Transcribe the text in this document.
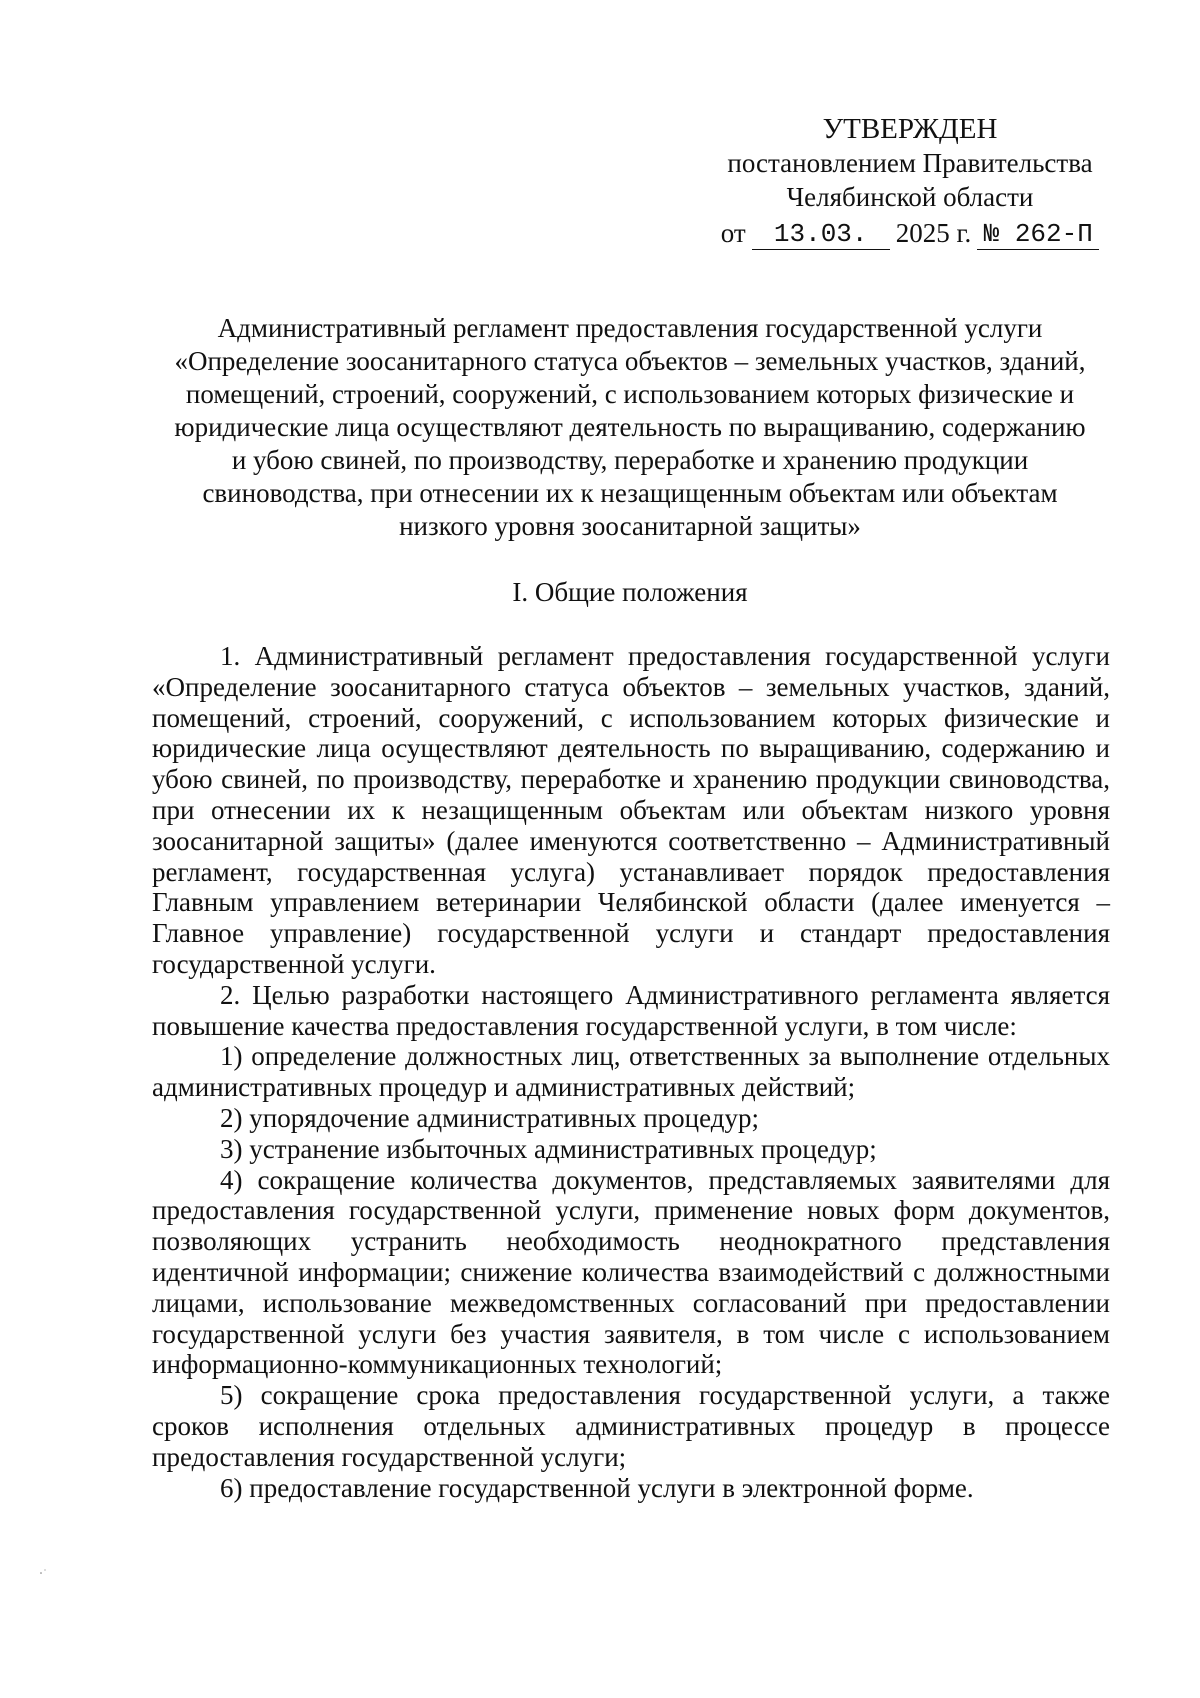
УТВЕРЖДЕН
постановлением Правительства
Челябинской области
от	13.03.	2025 г. № 262-П
Административный регламент предоставления государственной услуги
«Определение зоосанитарного статуса объектов – земельных участков, зданий,
помещений, строений, сооружений, с использованием которых физические и
юридические лица осуществляют деятельность по выращиванию, содержанию
и убою свиней, по производству, переработке и хранению продукции
свиноводства, при отнесении их к незащищенным объектам или объектам
низкого уровня зоосанитарной защиты»
I. Общие положения

1. Административный регламент предоставления государственной услуги «Определение зоосанитарного статуса объектов – земельных участков, зданий, помещений, строений, сооружений, с использованием которых физические и юридические лица осуществляют деятельность по выращиванию, содержанию и убою свиней, по производству, переработке и хранению продукции свиноводства, при отнесении их к незащищенным объектам или объектам низкого уровня зоосанитарной защиты» (далее именуются соответственно – Административный регламент, государственная услуга) устанавливает порядок предоставления Главным управлением ветеринарии Челябинской области (далее именуется – Главное управление) государственной услуги и стандарт предоставления государственной услуги.

2. Целью разработки настоящего Административного регламента является повышение качества предоставления государственной услуги, в том числе:

1) определение должностных лиц, ответственных за выполнение отдельных административных процедур и административных действий;

2) упорядочение административных процедур;

3) устранение избыточных административных процедур;

4) сокращение количества документов, представляемых заявителями для предоставления государственной услуги, применение новых форм документов, позволяющих устранить необходимость неоднократного представления идентичной информации; снижение количества взаимодействий с должностными лицами, использование межведомственных согласований при предоставлении государственной услуги без участия заявителя, в том числе с использованием информационно-коммуникационных технологий;

5) сокращение срока предоставления государственной услуги, а также сроков исполнения отдельных административных процедур в процессе предоставления государственной услуги;

6) предоставление государственной услуги в электронной форме.
